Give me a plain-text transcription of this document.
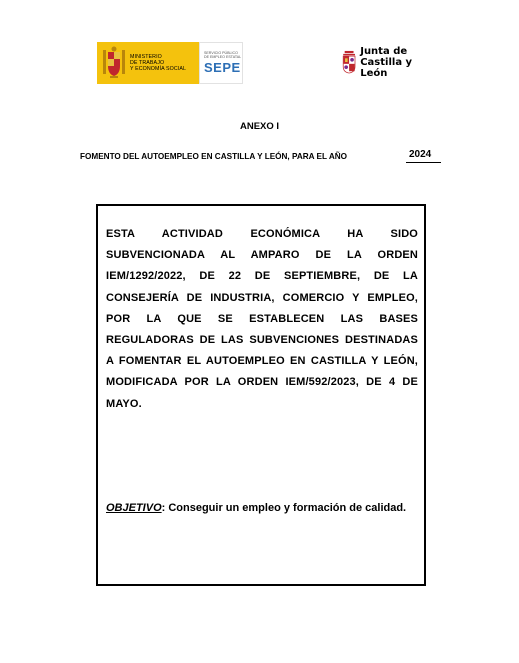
MINISTERIO
DE TRABAJO
Y ECONOMÍA SOCIAL
SERVICIO PÚBLICO
DE EMPLEO ESTATAL
SEPE
Junta de
Castilla y León
ANEXO I
FOMENTO DEL AUTOEMPLEO EN CASTILLA Y LEÓN, PARA EL AÑO	2024
ESTA ACTIVIDAD ECONÓMICA HA SIDO SUBVENCIONADA AL AMPARO DE LA ORDEN IEM/1292/2022, DE 22 DE SEPTIEMBRE, DE LA CONSEJERÍA DE INDUSTRIA, COMERCIO Y EMPLEO, POR LA QUE SE ESTABLECEN LAS BASES REGULADORAS DE LAS SUBVENCIONES DESTINADAS A FOMENTAR EL AUTOEMPLEO EN CASTILLA Y LEÓN, MODIFICADA POR LA ORDEN IEM/592/2023, DE 4 DE MAYO.
OBJETIVO: Conseguir un empleo y formación de calidad.
